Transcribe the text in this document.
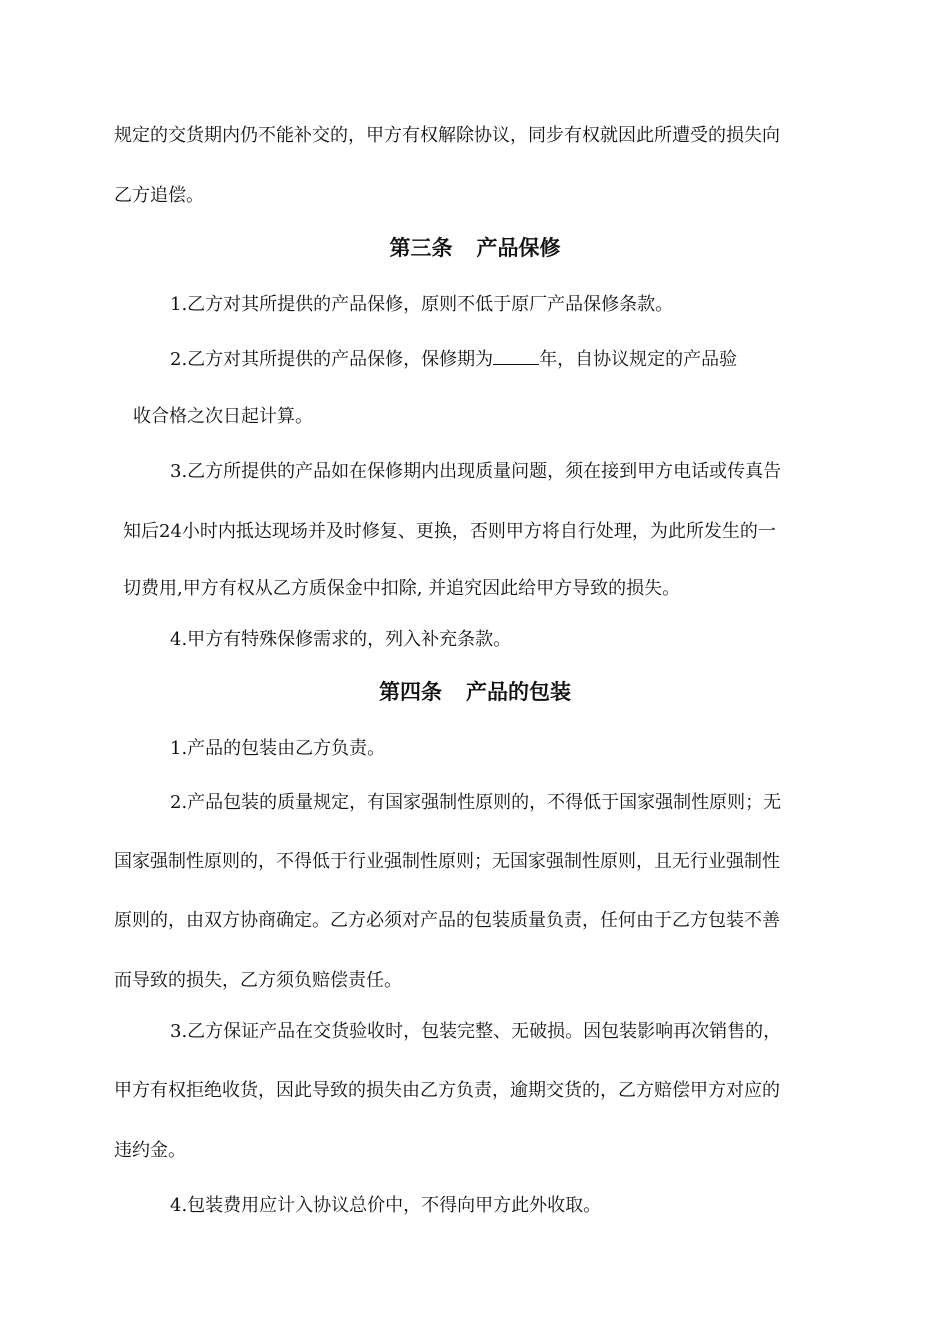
规定的交货期内仍不能补交的，甲方有权解除协议，同步有权就因此所遭受的损失向

乙方追偿。

第三条 产品保修

1.乙方对其所提供的产品保修，原则不低于原厂产品保修条款。

2.乙方对其所提供的产品保修，保修期为	年，自协议规定的产品验

收合格之次日起计算。

3.乙方所提供的产品如在保修期内出现质量问题，须在接到甲方电话或传真告

知后24小时内抵达现场并及时修复、更换，否则甲方将自行处理，为此所发生的一

切费用,甲方有权从乙方质保金中扣除, 并追究因此给甲方导致的损失。

4.甲方有特殊保修需求的，列入补充条款。

第四条 产品的包装

1.产品的包装由乙方负责。

2.产品包装的质量规定，有国家强制性原则的，不得低于国家强制性原则；无

国家强制性原则的，不得低于行业强制性原则；无国家强制性原则，且无行业强制性

原则的，由双方协商确定。乙方必须对产品的包装质量负责，任何由于乙方包装不善

而导致的损失，乙方须负赔偿责任。

3.乙方保证产品在交货验收时，包装完整、无破损。因包装影响再次销售的，

甲方有权拒绝收货，因此导致的损失由乙方负责，逾期交货的，乙方赔偿甲方对应的

违约金。

4.包装费用应计入协议总价中，不得向甲方此外收取。
